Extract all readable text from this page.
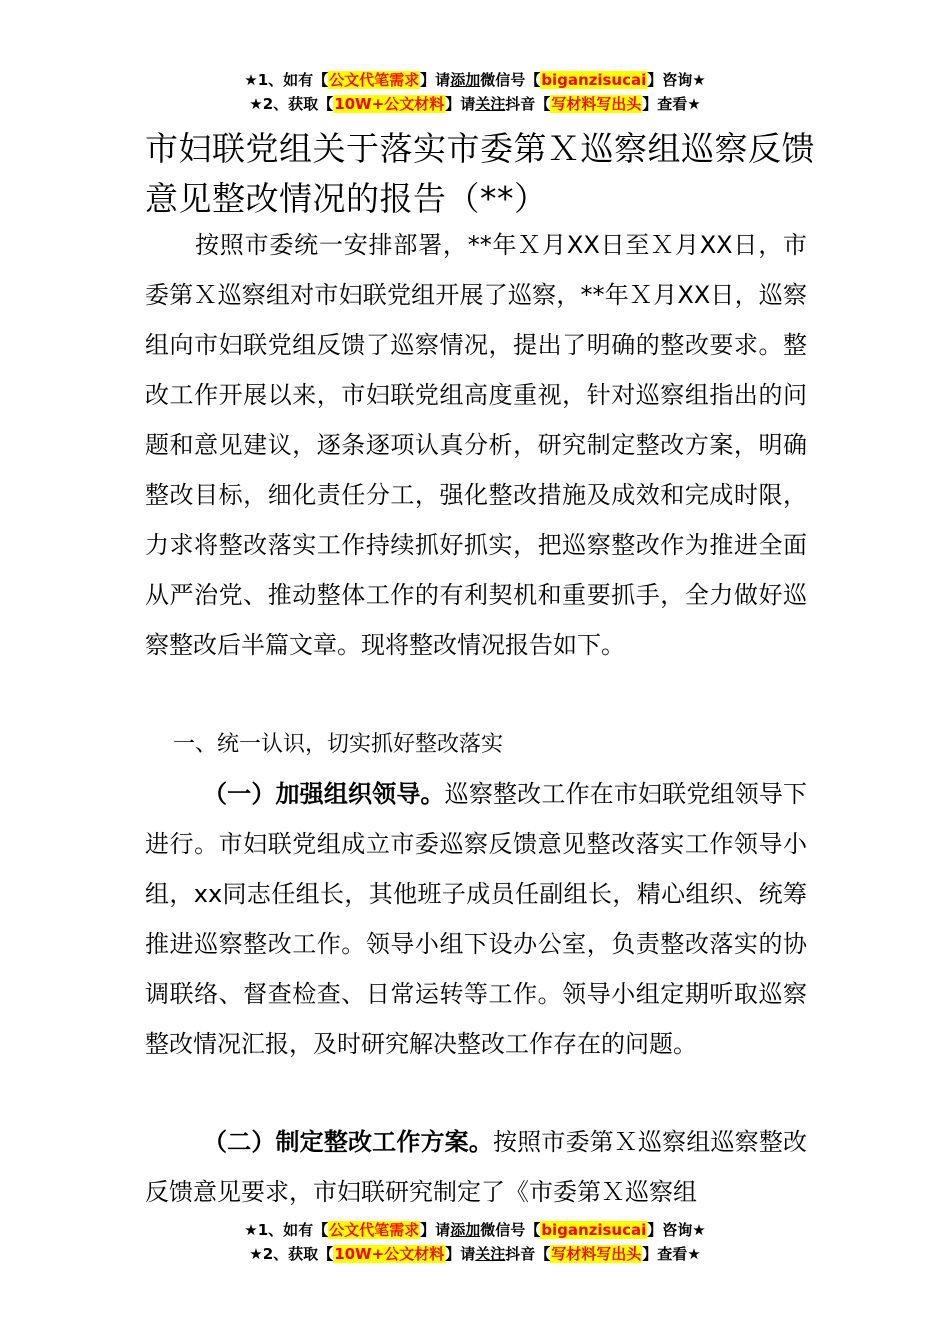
★1、如有【公文代笔需求】请添加微信号【biganzisucai】咨询★
★2、获取【10W+公文材料】请关注抖音【写材料写出头】查看★
市妇联党组关于落实市委第Ｘ巡察组巡察反馈意见整改情况的报告（**）

按照市委统一安排部署，**年Ｘ月XX日至Ｘ月XX日，市委第Ｘ巡察组对市妇联党组开展了巡察，**年Ｘ月XX日，巡察组向市妇联党组反馈了巡察情况，提出了明确的整改要求。整改工作开展以来，市妇联党组高度重视，针对巡察组指出的问题和意见建议，逐条逐项认真分析，研究制定整改方案，明确整改目标，细化责任分工，强化整改措施及成效和完成时限，力求将整改落实工作持续抓好抓实，把巡察整改作为推进全面从严治党、推动整体工作的有利契机和重要抓手，全力做好巡察整改后半篇文章。现将整改情况报告如下。

一、统一认识，切实抓好整改落实

（一）加强组织领导。巡察整改工作在市妇联党组领导下进行。市妇联党组成立市委巡察反馈意见整改落实工作领导小组，xx同志任组长，其他班子成员任副组长，精心组织、统筹推进巡察整改工作。领导小组下设办公室，负责整改落实的协调联络、督查检查、日常运转等工作。领导小组定期听取巡察整改情况汇报，及时研究解决整改工作存在的问题。

（二）制定整改工作方案。按照市委第Ｘ巡察组巡察整改反馈意见要求，市妇联研究制定了《市委第Ｘ巡察组

★1、如有【公文代笔需求】请添加微信号【biganzisucai】咨询★
★2、获取【10W+公文材料】请关注抖音【写材料写出头】查看★
